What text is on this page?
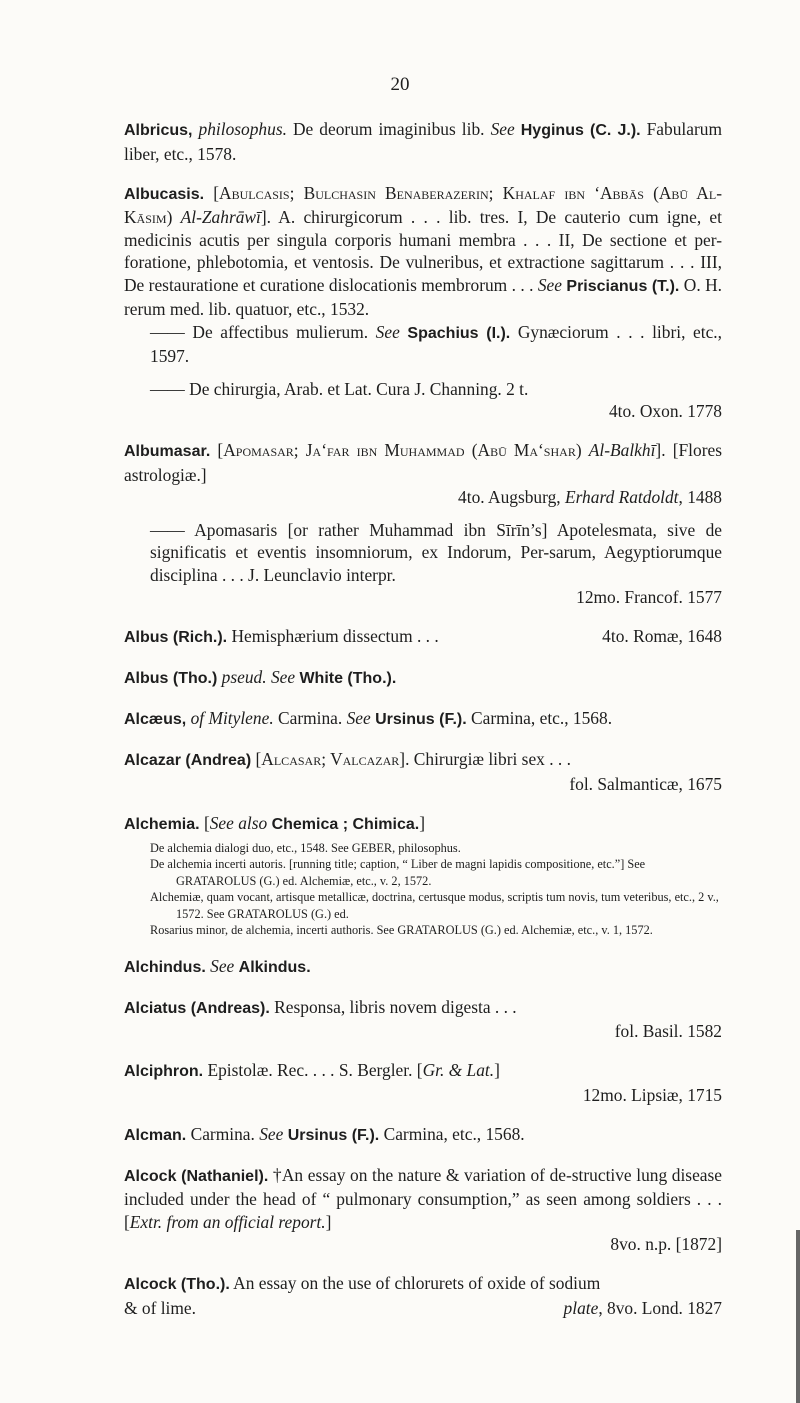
20
Albricus, philosophus. De deorum imaginibus lib. See Hyginus (C. J.). Fabularum liber, etc., 1578.
Albucasis. [Abulcasis; Bulchasin Benaberazerin; Khalaf ibn ‘Abbās (Abū Al-Kāsim) Al-Zahrāwī]. A. chirurgicorum . . . lib. tres. I, De cauterio cum igne, et medicinis acutis per singula corporis humani membra . . . II, De sectione et per-foratione, phlebotomia, et ventosis. De vulneribus, et extractione sagittarum . . . III, De restauratione et curatione dislocationis membrorum . . . See Priscianus (T.). O. H. rerum med. lib. quatuor, etc., 1532.
—— De affectibus mulierum. See Spachius (I.). Gynæciorum . . . libri, etc., 1597.
—— De chirurgia, Arab. et Lat. Cura J. Channing. 2 t.
4to. Oxon. 1778
Albumasar. [Apomasar; Ja‘far ibn Muhammad (Abū Ma‘shar) Al-Balkhī]. [Flores astrologiæ.]
4to. Augsburg, Erhard Ratdoldt, 1488
—— Apomasaris [or rather Muhammad ibn Sīrīn’s] Apotelesmata, sive de significatis et eventis insomniorum, ex Indorum, Per-sarum, Aegyptiorumque disciplina . . . J. Leunclavio interpr.
12mo. Francof. 1577
Albus (Rich.). Hemisphærium dissectum . . .	4to. Romæ, 1648
Albus (Tho.) pseud. See White (Tho.).
Alcæus, of Mitylene. Carmina. See Ursinus (F.). Carmina, etc., 1568.
Alcazar (Andrea) [Alcasar; Valcazar]. Chirurgiæ libri sex . . .
fol. Salmanticæ, 1675
Alchemia. [See also Chemica ; Chimica.]

De alchemia dialogi duo, etc., 1548. See GEBER, philosophus.

De alchemia incerti autoris. [running title; caption, “ Liber de magni lapidis compositione, etc.”] See GRATAROLUS (G.) ed. Alchemiæ, etc., v. 2, 1572.

Alchemiæ, quam vocant, artisque metallicæ, doctrina, certusque modus, scriptis tum novis, tum veteribus, etc., 2 v., 1572. See GRATAROLUS (G.) ed.

Rosarius minor, de alchemia, incerti authoris. See GRATAROLUS (G.) ed. Alchemiæ, etc., v. 1, 1572.

Alchindus. See Alkindus.
Alciatus (Andreas). Responsa, libris novem digesta . . .
fol. Basil. 1582
Alciphron. Epistolæ. Rec. . . . S. Bergler. [Gr. & Lat.]
12mo. Lipsiæ, 1715
Alcman. Carmina. See Ursinus (F.). Carmina, etc., 1568.
Alcock (Nathaniel). †An essay on the nature & variation of de-structive lung disease included under the head of “ pulmonary consumption,” as seen among soldiers . . . [Extr. from an official report.]
8vo. n.p. [1872]
Alcock (Tho.). An essay on the use of chlorurets of oxide of sodium
& of lime.	plate, 8vo. Lond. 1827
